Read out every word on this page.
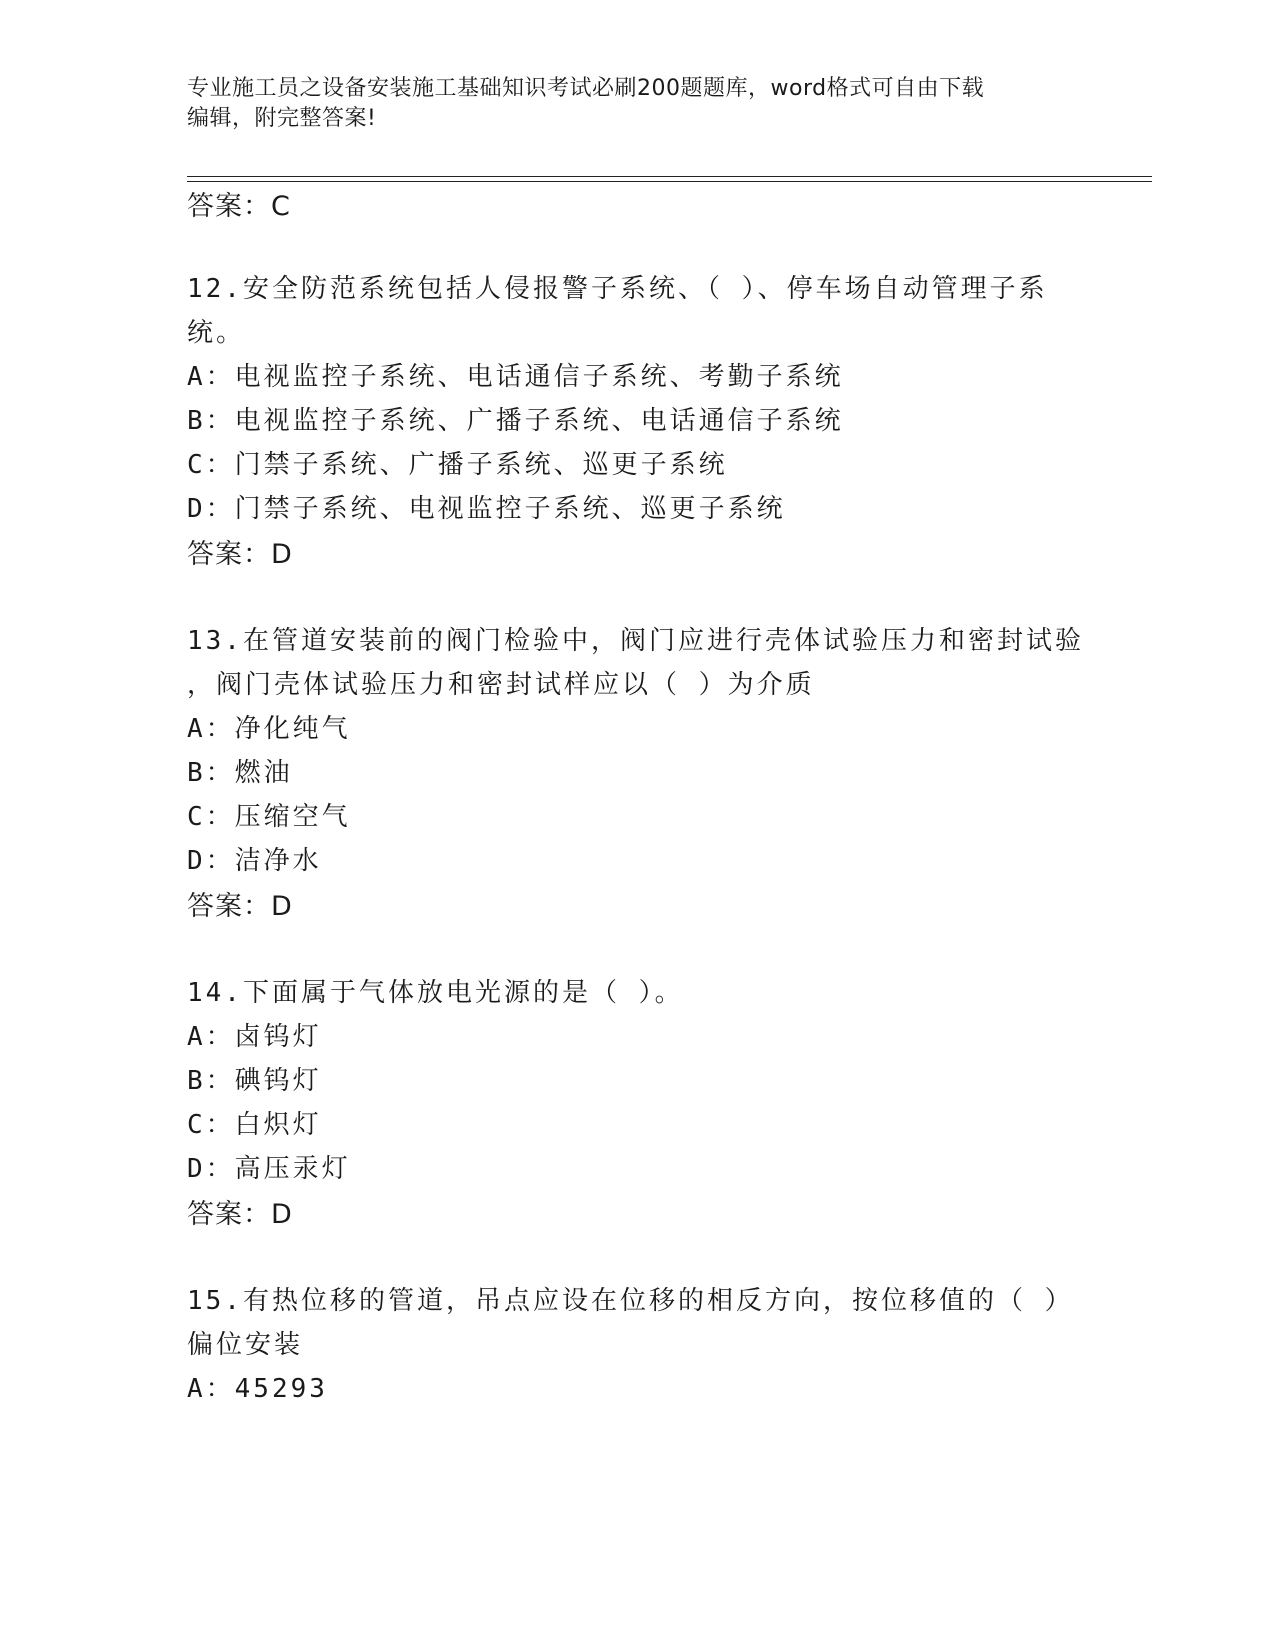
专业施工员之设备安装施工基础知识考试必刷200题题库，word格式可自由下载
编辑，附完整答案!
答案：C
12.安全防范系统包括人侵报警子系统、（ ）、停车场自动管理子系
统。
A：电视监控子系统、电话通信子系统、考勤子系统
B：电视监控子系统、广播子系统、电话通信子系统
C：门禁子系统、广播子系统、巡更子系统
D：门禁子系统、电视监控子系统、巡更子系统
答案：D
13.在管道安装前的阀门检验中，阀门应进行壳体试验压力和密封试验
，阀门壳体试验压力和密封试样应以（ ）为介质
A：净化纯气
B：燃油
C：压缩空气
D：洁净水
答案：D
14.下面属于气体放电光源的是（ ）。
A：卤钨灯
B：碘钨灯
C：白炽灯
D：高压汞灯
答案：D
15.有热位移的管道，吊点应设在位移的相反方向，按位移值的（ ）
偏位安装
A：45293
